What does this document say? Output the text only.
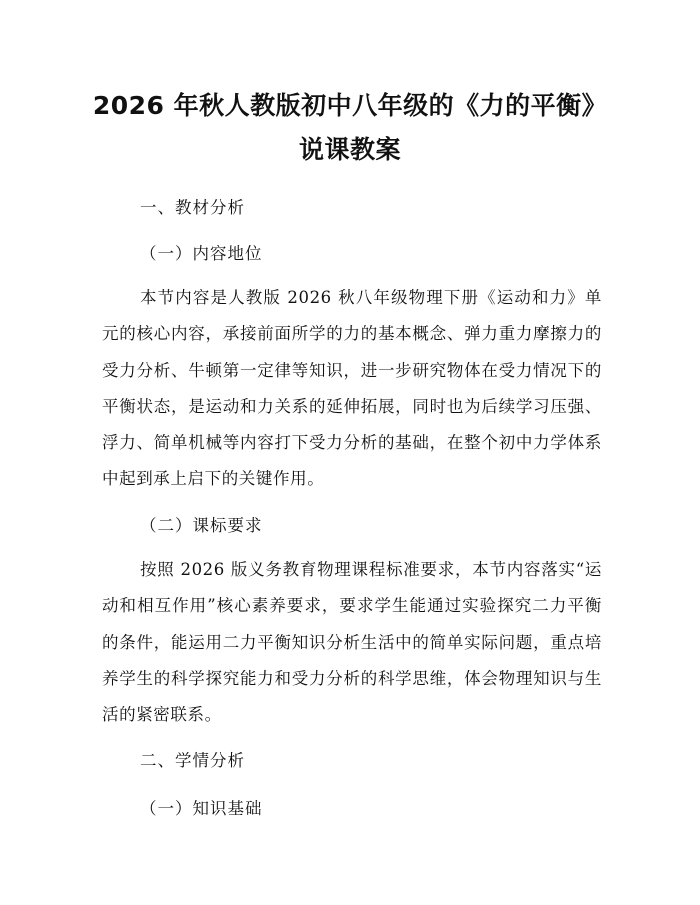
2026 年秋人教版初中八年级的《力的平衡》
说课教案
一、教材分析
（一）内容地位
本节内容是人教版 2026 秋八年级物理下册《运动和力》单元的核心内容，承接前面所学的力的基本概念、弹力重力摩擦力的受力分析、牛顿第一定律等知识，进一步研究物体在受力情况下的平衡状态，是运动和力关系的延伸拓展，同时也为后续学习压强、浮力、简单机械等内容打下受力分析的基础，在整个初中力学体系中起到承上启下的关键作用。
（二）课标要求
按照 2026 版义务教育物理课程标准要求，本节内容落实“运动和相互作用”核心素养要求，要求学生能通过实验探究二力平衡的条件，能运用二力平衡知识分析生活中的简单实际问题，重点培养学生的科学探究能力和受力分析的科学思维，体会物理知识与生活的紧密联系。
二、学情分析
（一）知识基础
